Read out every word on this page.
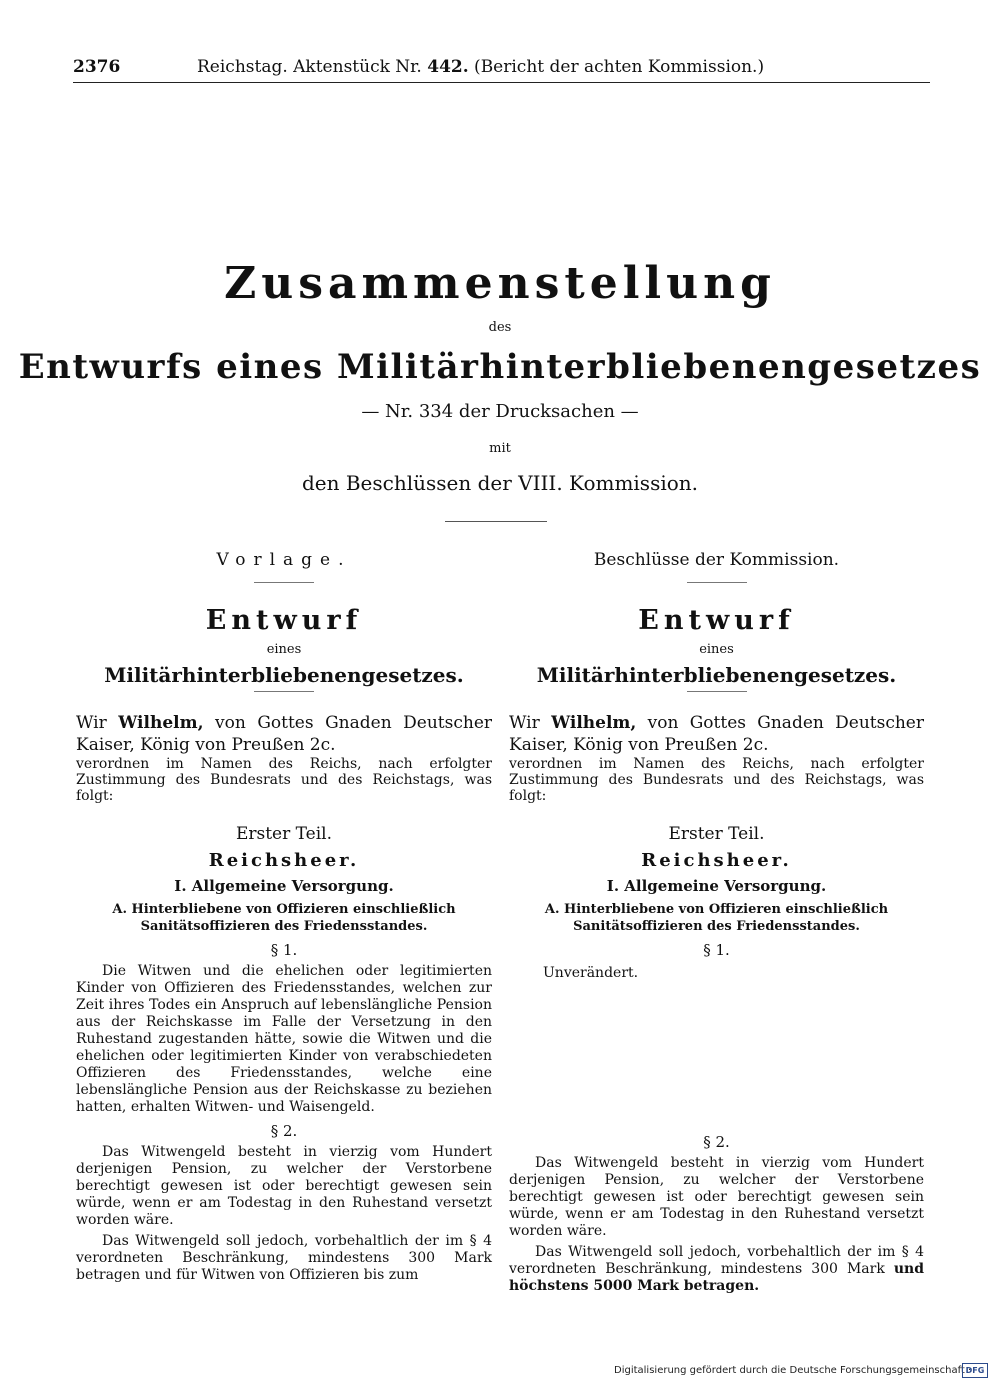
2376	Reichstag. Aktenstück Nr. 442. (Bericht der achten Kommission.)
Zusammenstellung
des
Entwurfs eines Militärhinterbliebenengesetzes
— Nr. 334 der Drucksachen —
mit
den Beschlüssen der VIII. Kommission.
Vorlage.
Entwurf
eines
Militärhinterbliebenengesetzes.
Wir Wilhelm, von Gottes Gnaden Deutscher Kaiser, König von Preußen 2c.
verordnen im Namen des Reichs, nach erfolgter Zustimmung des Bundesrats und des Reichstags, was folgt:
Erster Teil.
Reichsheer.
I. Allgemeine Versorgung.
A. Hinterbliebene von Offizieren einschließlich Sanitätsoffizieren des Friedensstandes.
§ 1.
Die Witwen und die ehelichen oder legitimierten Kinder von Offizieren des Friedensstandes, welchen zur Zeit ihres Todes ein Anspruch auf lebenslängliche Pension aus der Reichskasse im Falle der Versetzung in den Ruhestand zugestanden hätte, sowie die Witwen und die ehelichen oder legitimierten Kinder von verabschiedeten Offizieren des Friedensstandes, welche eine lebenslängliche Pension aus der Reichskasse zu beziehen hatten, erhalten Witwen- und Waisengeld.
§ 2.
Das Witwengeld besteht in vierzig vom Hundert derjenigen Pension, zu welcher der Verstorbene berechtigt gewesen ist oder berechtigt gewesen sein würde, wenn er am Todestag in den Ruhestand versetzt worden wäre.
Das Witwengeld soll jedoch, vorbehaltlich der im § 4 verordneten Beschränkung, mindestens 300 Mark betragen und für Witwen von Offizieren bis zum
Beschlüsse der Kommission.
Entwurf
eines
Militärhinterbliebenengesetzes.
Wir Wilhelm, von Gottes Gnaden Deutscher Kaiser, König von Preußen 2c.
verordnen im Namen des Reichs, nach erfolgter Zustimmung des Bundesrats und des Reichstags, was folgt:
Erster Teil.
Reichsheer.
I. Allgemeine Versorgung.
A. Hinterbliebene von Offizieren einschließlich Sanitätsoffizieren des Friedensstandes.
§ 1.
Unverändert.
§ 2.
Das Witwengeld besteht in vierzig vom Hundert derjenigen Pension, zu welcher der Verstorbene berechtigt gewesen ist oder berechtigt gewesen sein würde, wenn er am Todestag in den Ruhestand versetzt worden wäre.
Das Witwengeld soll jedoch, vorbehaltlich der im § 4 verordneten Beschränkung, mindestens 300 Mark und höchstens 5000 Mark betragen.
Digitalisierung gefördert durch die Deutsche Forschungsgemeinschaft ·
DFG
